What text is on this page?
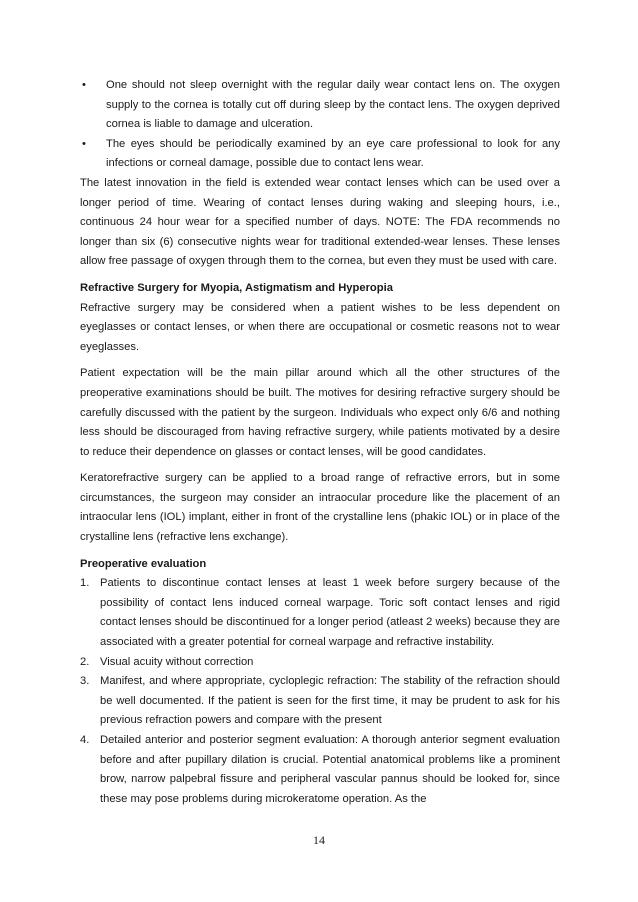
• One should not sleep overnight with the regular daily wear contact lens on. The oxygen supply to the cornea is totally cut off during sleep by the contact lens. The oxygen deprived cornea is liable to damage and ulceration.
• The eyes should be periodically examined by an eye care professional to look for any infections or corneal damage, possible due to contact lens wear.

The latest innovation in the field is extended wear contact lenses which can be used over a longer period of time. Wearing of contact lenses during waking and sleeping hours, i.e., continuous 24 hour wear for a specified number of days. NOTE: The FDA recommends no longer than six (6) consecutive nights wear for traditional extended-wear lenses. These lenses allow free passage of oxygen through them to the cornea, but even they must be used with care.

Refractive Surgery for Myopia, Astigmatism and Hyperopia

Refractive surgery may be considered when a patient wishes to be less dependent on eyeglasses or contact lenses, or when there are occupational or cosmetic reasons not to wear eyeglasses.

Patient expectation will be the main pillar around which all the other structures of the preoperative examinations should be built. The motives for desiring refractive surgery should be carefully discussed with the patient by the surgeon. Individuals who expect only 6/6 and nothing less should be discouraged from having refractive surgery, while patients motivated by a desire to reduce their dependence on glasses or contact lenses, will be good candidates.

Keratorefractive surgery can be applied to a broad range of refractive errors, but in some circumstances, the surgeon may consider an intraocular procedure like the placement of an intraocular lens (IOL) implant, either in front of the crystalline lens (phakic IOL) or in place of the crystalline lens (refractive lens exchange).

Preoperative evaluation
1. Patients to discontinue contact lenses at least 1 week before surgery because of the possibility of contact lens induced corneal warpage. Toric soft contact lenses and rigid contact lenses should be discontinued for a longer period (atleast 2 weeks) because they are associated with a greater potential for corneal warpage and refractive instability.
2. Visual acuity without correction
3. Manifest, and where appropriate, cycloplegic refraction: The stability of the refraction should be well documented. If the patient is seen for the first time, it may be prudent to ask for his previous refraction powers and compare with the present
4. Detailed anterior and posterior segment evaluation: A thorough anterior segment evaluation before and after pupillary dilation is crucial. Potential anatomical problems like a prominent brow, narrow palpebral fissure and peripheral vascular pannus should be looked for, since these may pose problems during microkeratome operation. As the
14
